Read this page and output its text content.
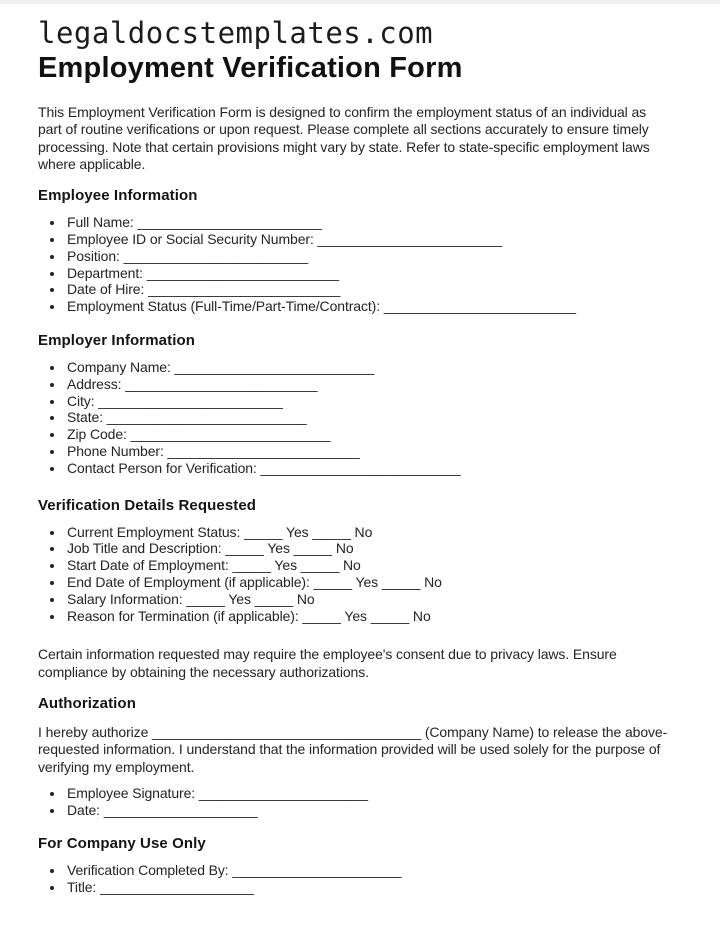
legaldocstemplates.com
Employment Verification Form

This Employment Verification Form is designed to confirm the employment status of an individual as part of routine verifications or upon request. Please complete all sections accurately to ensure timely processing. Note that certain provisions might vary by state. Refer to state-specific employment laws where applicable.

Employee Information
• Full Name: ________________________
• Employee ID or Social Security Number: ________________________
• Position: ________________________
• Department: _________________________
• Date of Hire: _________________________
• Employment Status (Full-Time/Part-Time/Contract): _________________________
Employer Information
• Company Name: __________________________
• Address: _________________________
• City: ________________________
• State: __________________________
• Zip Code: __________________________
• Phone Number: _________________________
• Contact Person for Verification: __________________________
Verification Details Requested
• Current Employment Status: _____ Yes _____ No
• Job Title and Description: _____ Yes _____ No
• Start Date of Employment: _____ Yes _____ No
• End Date of Employment (if applicable): _____ Yes _____ No
• Salary Information: _____ Yes _____ No
• Reason for Termination (if applicable): _____ Yes _____ No

Certain information requested may require the employee's consent due to privacy laws. Ensure compliance by obtaining the necessary authorizations.

Authorization

I hereby authorize ___________________________________ (Company Name) to release the above-requested information. I understand that the information provided will be used solely for the purpose of verifying my employment.

• Employee Signature: ______________________
• Date: ____________________
For Company Use Only
• Verification Completed By: ______________________
• Title: ____________________
